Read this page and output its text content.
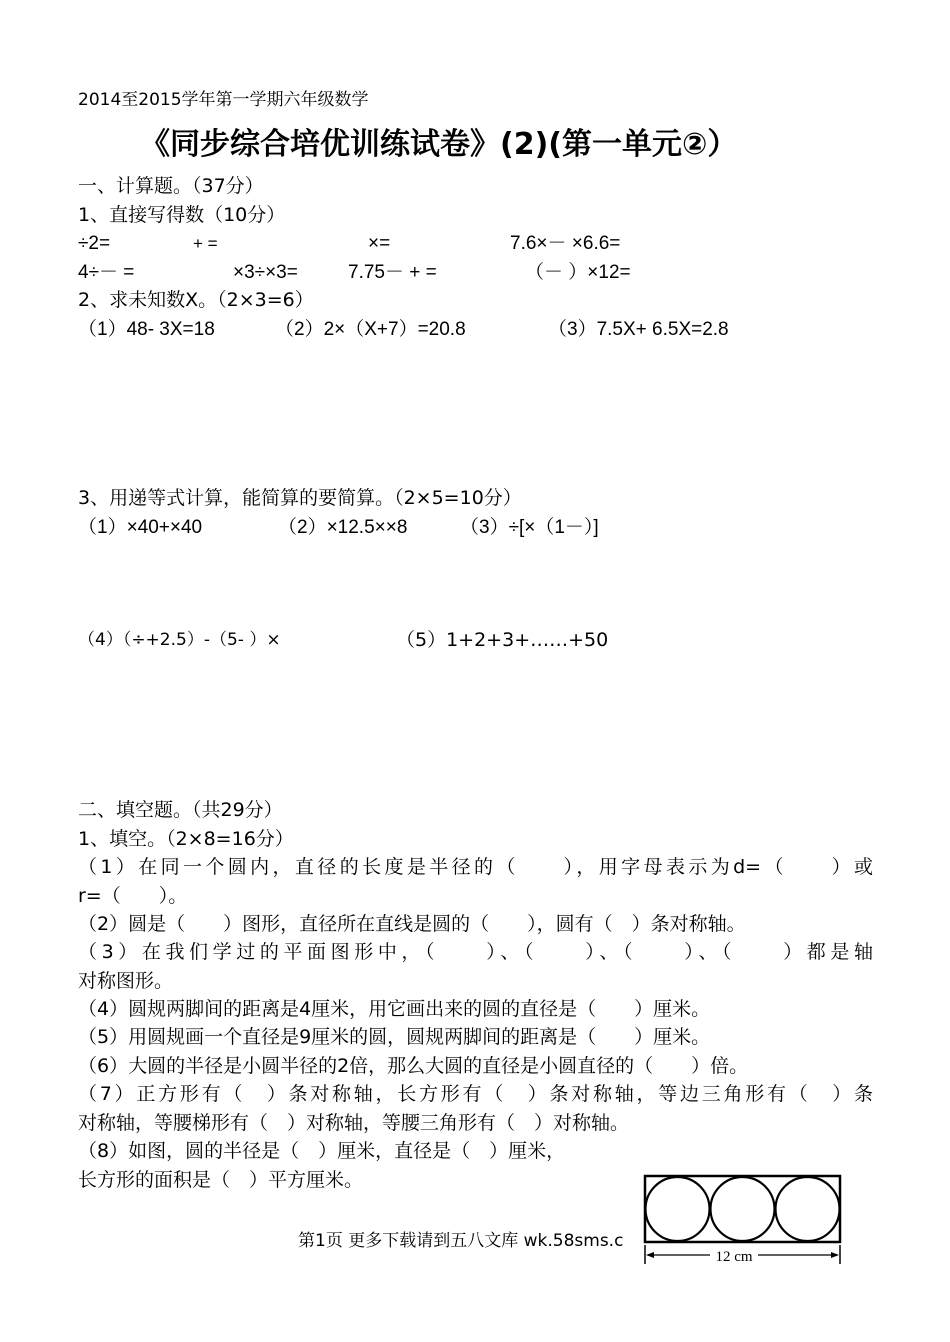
2014至2015学年第一学期六年级数学
《同步综合培优训练试卷》(2)(第一单元②）
一、计算题。（37分）
1、直接写得数（10分）
÷2=	+ =	×=	7.6×－ ×6.6=
4÷－ =	×3÷×3=	7.75－ + =	（－ ）×12=
2、求未知数X。（2×3=6）
（1）48- 3X=18	（2）2×（X+7）=20.8	（3）7.5X+ 6.5X=2.8
3、用递等式计算，能简算的要简算。（2×5=10分）
（1）×40+×40	（2）×12.5××8	（3）÷[×（1－）]
（4）（÷+2.5）-（5- ）×	（5）1+2+3+……+50
二、填空题。（共29分）
1、填空。（2×8=16分）
（1）在同一个圆内，直径的长度是半径的（　　），用字母表示为d=（　　）或
r=（　　）。
（2）圆是（　　）图形，直径所在直线是圆的（　　），圆有（　）条对称轴。
（3）在我们学过的平面图形中，（　　）、（　　）、（　　）、（　　）都是轴
对称图形。
（4）圆规两脚间的距离是4厘米，用它画出来的圆的直径是（　　）厘米。
（5）用圆规画一个直径是9厘米的圆，圆规两脚间的距离是（　　）厘米。
（6）大圆的半径是小圆半径的2倍，那么大圆的直径是小圆直径的（　　）倍。
（7）正方形有（　）条对称轴，长方形有（　）条对称轴，等边三角形有（　）条
对称轴，等腰梯形有（　）对称轴，等腰三角形有（　）对称轴。
（8）如图，圆的半径是（　）厘米，直径是（　）厘米，
长方形的面积是（　）平方厘米。
12 cm
第1页 更多下载请到五八文库 wk.58sms.c
